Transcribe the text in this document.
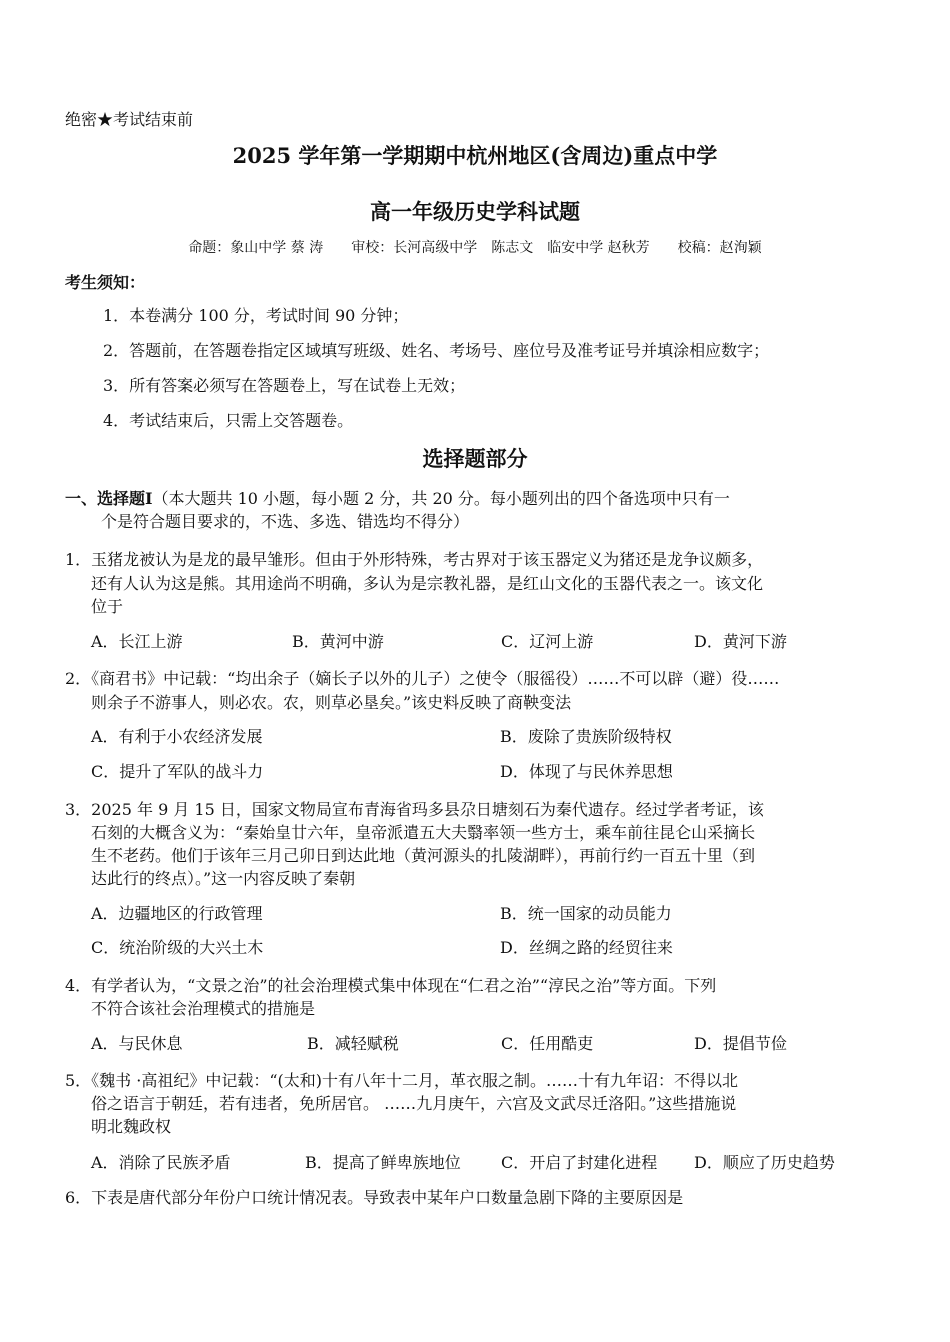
绝密★考试结束前
2025 学年第一学期期中杭州地区(含周边)重点中学
高一年级历史学科试题
命题：象山中学 蔡 涛　　审校：长河高级中学　陈志文　临安中学 赵秋芳　　校稿：赵洵颖
考生须知：
1．本卷满分 100 分，考试时间 90 分钟；
2．答题前，在答题卷指定区域填写班级、姓名、考场号、座位号及准考证号并填涂相应数字；
3．所有答案必须写在答题卷上，写在试卷上无效；
4．考试结束后，只需上交答题卷。
选择题部分
一、选择题Ⅰ（本大题共 10 小题，每小题 2 分，共 20 分。每小题列出的四个备选项中只有一
个是符合题目要求的，不选、多选、错选均不得分）
1．玉猪龙被认为是龙的最早雏形。但由于外形特殊，考古界对于该玉器定义为猪还是龙争议颇多，
还有人认为这是熊。其用途尚不明确，多认为是宗教礼器，是红山文化的玉器代表之一。该文化
位于
A．长江上游	B．黄河中游	C．辽河上游	D．黄河下游
2．《商君书》中记载：“均出余子（嫡长子以外的儿子）之使令（服徭役）……不可以辟（避）役……
则余子不游事人，则必农。农，则草必垦矣。”该史料反映了商鞅变法
A．有利于小农经济发展	B．废除了贵族阶级特权
C．提升了军队的战斗力	D．体现了与民休养思想
3．2025 年 9 月 15 日，国家文物局宣布青海省玛多县尕日塘刻石为秦代遗存。经过学者考证，该
石刻的大概含义为：“秦始皇廿六年，皇帝派遣五大夫翳率领一些方士，乘车前往昆仑山采摘长
生不老药。他们于该年三月己卯日到达此地（黄河源头的扎陵湖畔），再前行约一百五十里（到
达此行的终点）。”这一内容反映了秦朝
A．边疆地区的行政管理	B．统一国家的动员能力
C．统治阶级的大兴土木	D．丝绸之路的经贸往来
4．有学者认为，“文景之治”的社会治理模式集中体现在“仁君之治”“淳民之治”等方面。下列
不符合该社会治理模式的措施是
A．与民休息	B．减轻赋税	C．任用酷吏	D．提倡节俭
5．《魏书 ·高祖纪》中记载：“(太和)十有八年十二月，革衣服之制。……十有九年诏：不得以北
俗之语言于朝廷，若有违者，免所居官。 ……九月庚午，六宫及文武尽迁洛阳。”这些措施说
明北魏政权
A．消除了民族矛盾	B．提高了鲜卑族地位	C．开启了封建化进程 D．顺应了历史趋势
6．下表是唐代部分年份户口统计情况表。导致表中某年户口数量急剧下降的主要原因是
